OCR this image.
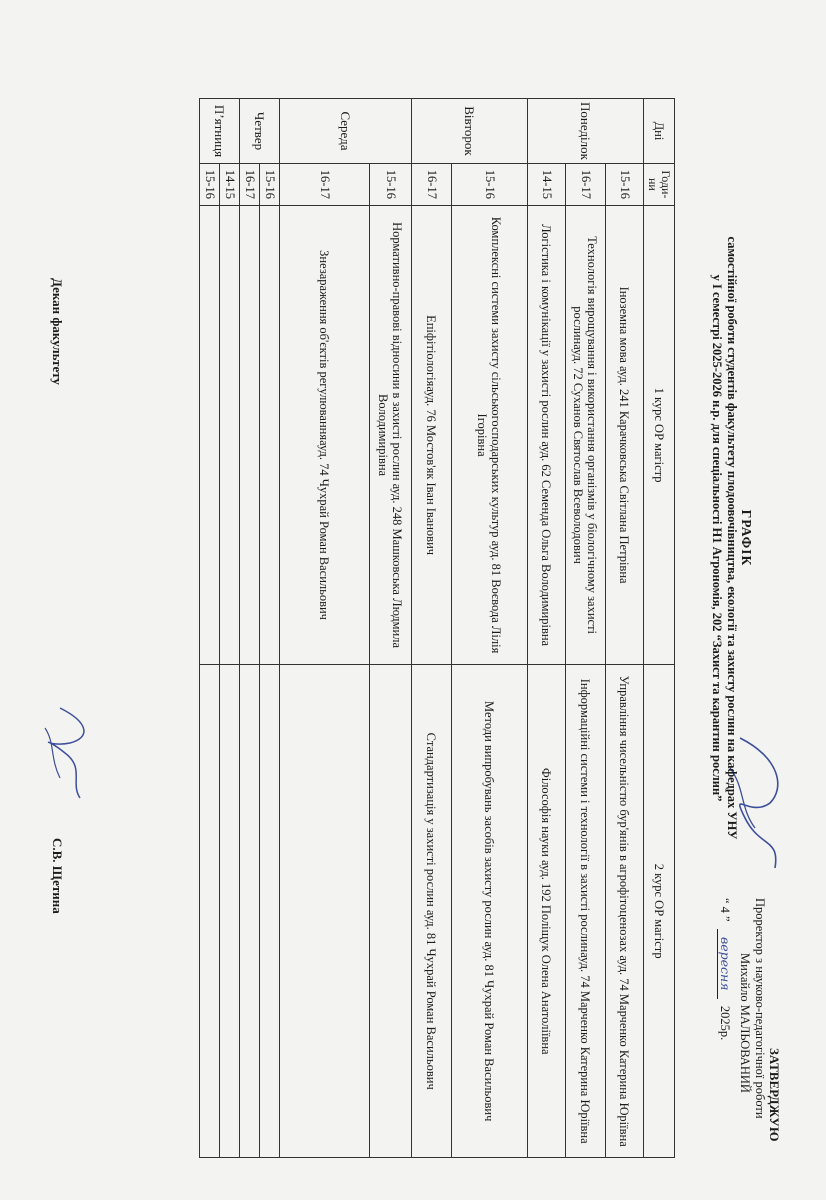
ЗАТВЕРДЖУЮ
Проректор з науково-педагогічної роботи
Михайло МАЛЬОВАНИЙ
“ 4 ” вересня 2025р.
ГРАФІК
самостійної роботи студентів факультету плодоовочівництва, екології та захисту рослин на кафедрах УНУ
у І семестрі 2025-2026 н.р. для спеціальності Н1 Агрономія, 202 “Захист та карантин рослин”
Дні	Годи-ни	1 курс ОР магістр	2 курс ОР магістр
Понеділок	15-16	Іноземна мова ауд. 241 Карачковська Світлана Петрівна	Управління чисельністю бур'янів в агрофітоценозах ауд. 74 Марченко Катерина Юріївна
	16-17	Технологія вирощування і використання організмів у біологічному захисті рослинауд. 72 Суханов Святослав Всеволодович	Інформаційні системи і технології в захисті рослинауд. 74 Марченко Катерина Юріївна
	14-15	Логістика і комунікації у захисті рослин ауд. 62 Семенда Ольга Володимирівна	Філософія науки ауд. 192 Поліщук Олена Анатоліївна
Вівторок	15-16	Комплексні системи захисту сільськогосподарських культур ауд. 81 Воєвода Лілія Ігорівна	Методи випробувань засобів захисту рослин ауд. 81 Чухрай Роман Васильович
	16-17	Епіфітіологіяауд. 76 Мостов'як Іван Іванович	Стандартизація у захисті рослин ауд. 81 Чухрай Роман Васильович
Середа	15-16	Нормативно-правові відносини в захисті рослин ауд. 248 Машковська Людмила Володимирівна	
	16-17	Знезараження об'єктів регулюванняауд. 74 Чухрай Роман Васильович	
Четвер	15-16		
	16-17		
П’ятниця	14-15		
	15-16		
Декан факультету
С.В. Щетина
